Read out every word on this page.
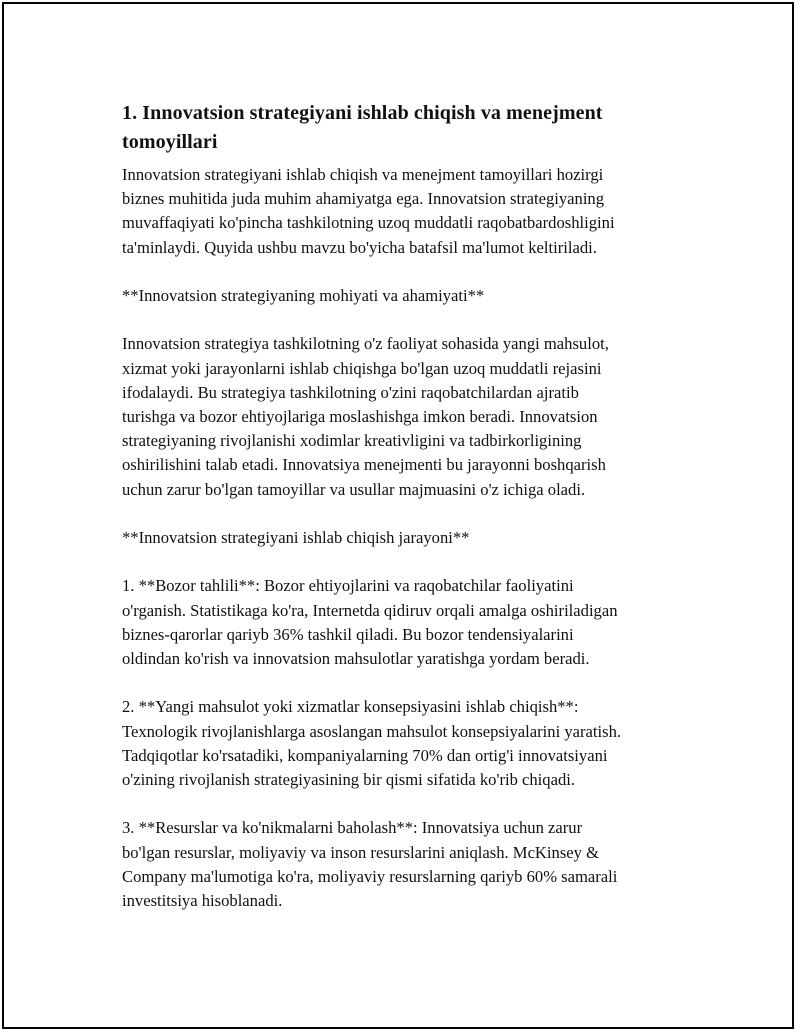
1. Innovatsion strategiyani ishlab chiqish va menejment
tomoyillari

Innovatsion strategiyani ishlab chiqish va menejment tamoyillari hozirgi
biznes muhitida juda muhim ahamiyatga ega. Innovatsion strategiyaning
muvaffaqiyati ko'pincha tashkilotning uzoq muddatli raqobatbardoshligini
ta'minlaydi. Quyida ushbu mavzu bo'yicha batafsil ma'lumot keltiriladi.

**Innovatsion strategiyaning mohiyati va ahamiyati**

Innovatsion strategiya tashkilotning o'z faoliyat sohasida yangi mahsulot,
xizmat yoki jarayonlarni ishlab chiqishga bo'lgan uzoq muddatli rejasini
ifodalaydi. Bu strategiya tashkilotning o'zini raqobatchilardan ajratib
turishga va bozor ehtiyojlariga moslashishga imkon beradi. Innovatsion
strategiyaning rivojlanishi xodimlar kreativligini va tadbirkorligining
oshirilishini talab etadi. Innovatsiya menejmenti bu jarayonni boshqarish
uchun zarur bo'lgan tamoyillar va usullar majmuasini o'z ichiga oladi.

**Innovatsion strategiyani ishlab chiqish jarayoni**

1. **Bozor tahlili**: Bozor ehtiyojlarini va raqobatchilar faoliyatini
o'rganish. Statistikaga ko'ra, Internetda qidiruv orqali amalga oshiriladigan
biznes-qarorlar qariyb 36% tashkil qiladi. Bu bozor tendensiyalarini
oldindan ko'rish va innovatsion mahsulotlar yaratishga yordam beradi.

2. **Yangi mahsulot yoki xizmatlar konsepsiyasini ishlab chiqish**:
Texnologik rivojlanishlarga asoslangan mahsulot konsepsiyalarini yaratish.
Tadqiqotlar ko'rsatadiki, kompaniyalarning 70% dan ortig'i innovatsiyani
o'zining rivojlanish strategiyasining bir qismi sifatida ko'rib chiqadi.

3. **Resurslar va ko'nikmalarni baholash**: Innovatsiya uchun zarur
bo'lgan resurslar, moliyaviy va inson resurslarini aniqlash. McKinsey &
Company ma'lumotiga ko'ra, moliyaviy resurslarning qariyb 60% samarali
investitsiya hisoblanadi.
